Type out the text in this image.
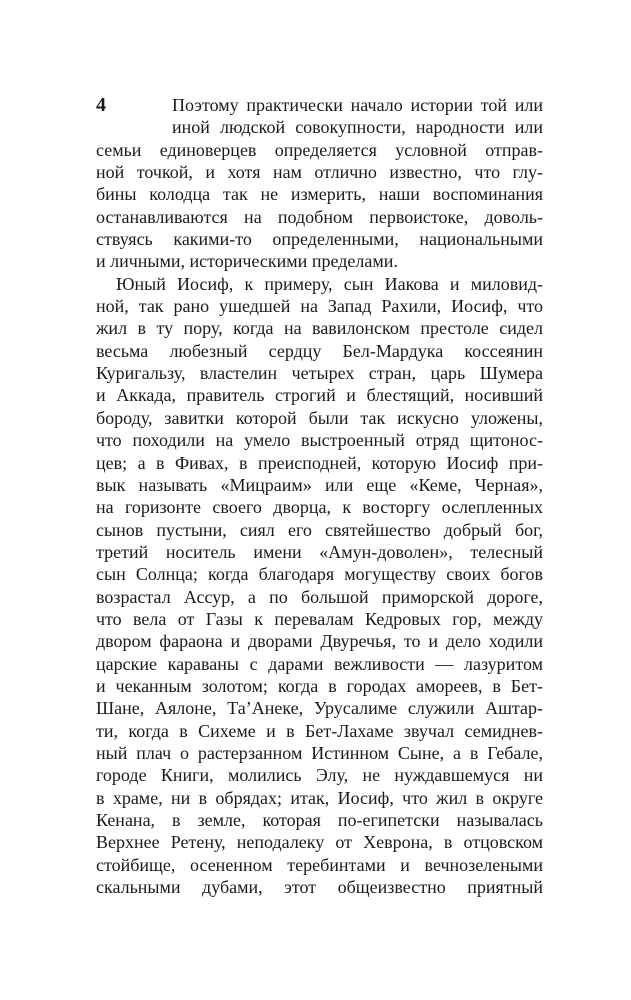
4	Поэтому практически начало истории той или
иной людской совокупности, народности или
семьи единоверцев определяется условной отправ-
ной точкой, и хотя нам отлично известно, что глу-
бины колодца так не измерить, наши воспоминания
останавливаются на подобном первоистоке, доволь-
ствуясь какими-то определенными, национальными
и личными, историческими пределами.
Юный Иосиф, к примеру, сын Иакова и миловид-
ной, так рано ушедшей на Запад Рахили, Иосиф, что
жил в ту пору, когда на вавилонском престоле сидел
весьма любезный сердцу Бел-Мардука коссеянин
Куригальзу, властелин четырех стран, царь Шумера
и Аккада, правитель строгий и блестящий, носивший
бороду, завитки которой были так искусно уложены,
что походили на умело выстроенный отряд щитонос-
цев; а в Фивах, в преисподней, которую Иосиф при-
вык называть «Мицраим» или еще «Кеме, Черная»,
на горизонте своего дворца, к восторгу ослепленных
сынов пустыни, сиял его святейшество добрый бог,
третий носитель имени «Амун-доволен», телесный
сын Солнца; когда благодаря могуществу своих богов
возрастал Ассур, а по большой приморской дороге,
что вела от Газы к перевалам Кедровых гор, между
двором фараона и дворами Двуречья, то и дело ходили
царские караваны с дарами вежливости — лазуритом
и чеканным золотом; когда в городах амореев, в Бет-
Шане, Аялоне, Та’Анеке, Урусалиме служили Аштар-
ти, когда в Сихеме и в Бет-Лахаме звучал семиднев-
ный плач о растерзанном Истинном Сыне, а в Гебале,
городе Книги, молились Элу, не нуждавшемуся ни
в храме, ни в обрядах; итак, Иосиф, что жил в округе
Кенана, в земле, которая по-египетски называлась
Верхнее Ретену, неподалеку от Хеврона, в отцовском
стойбище, осененном теребинтами и вечнозелеными
скальными дубами, этот общеизвестно приятный
